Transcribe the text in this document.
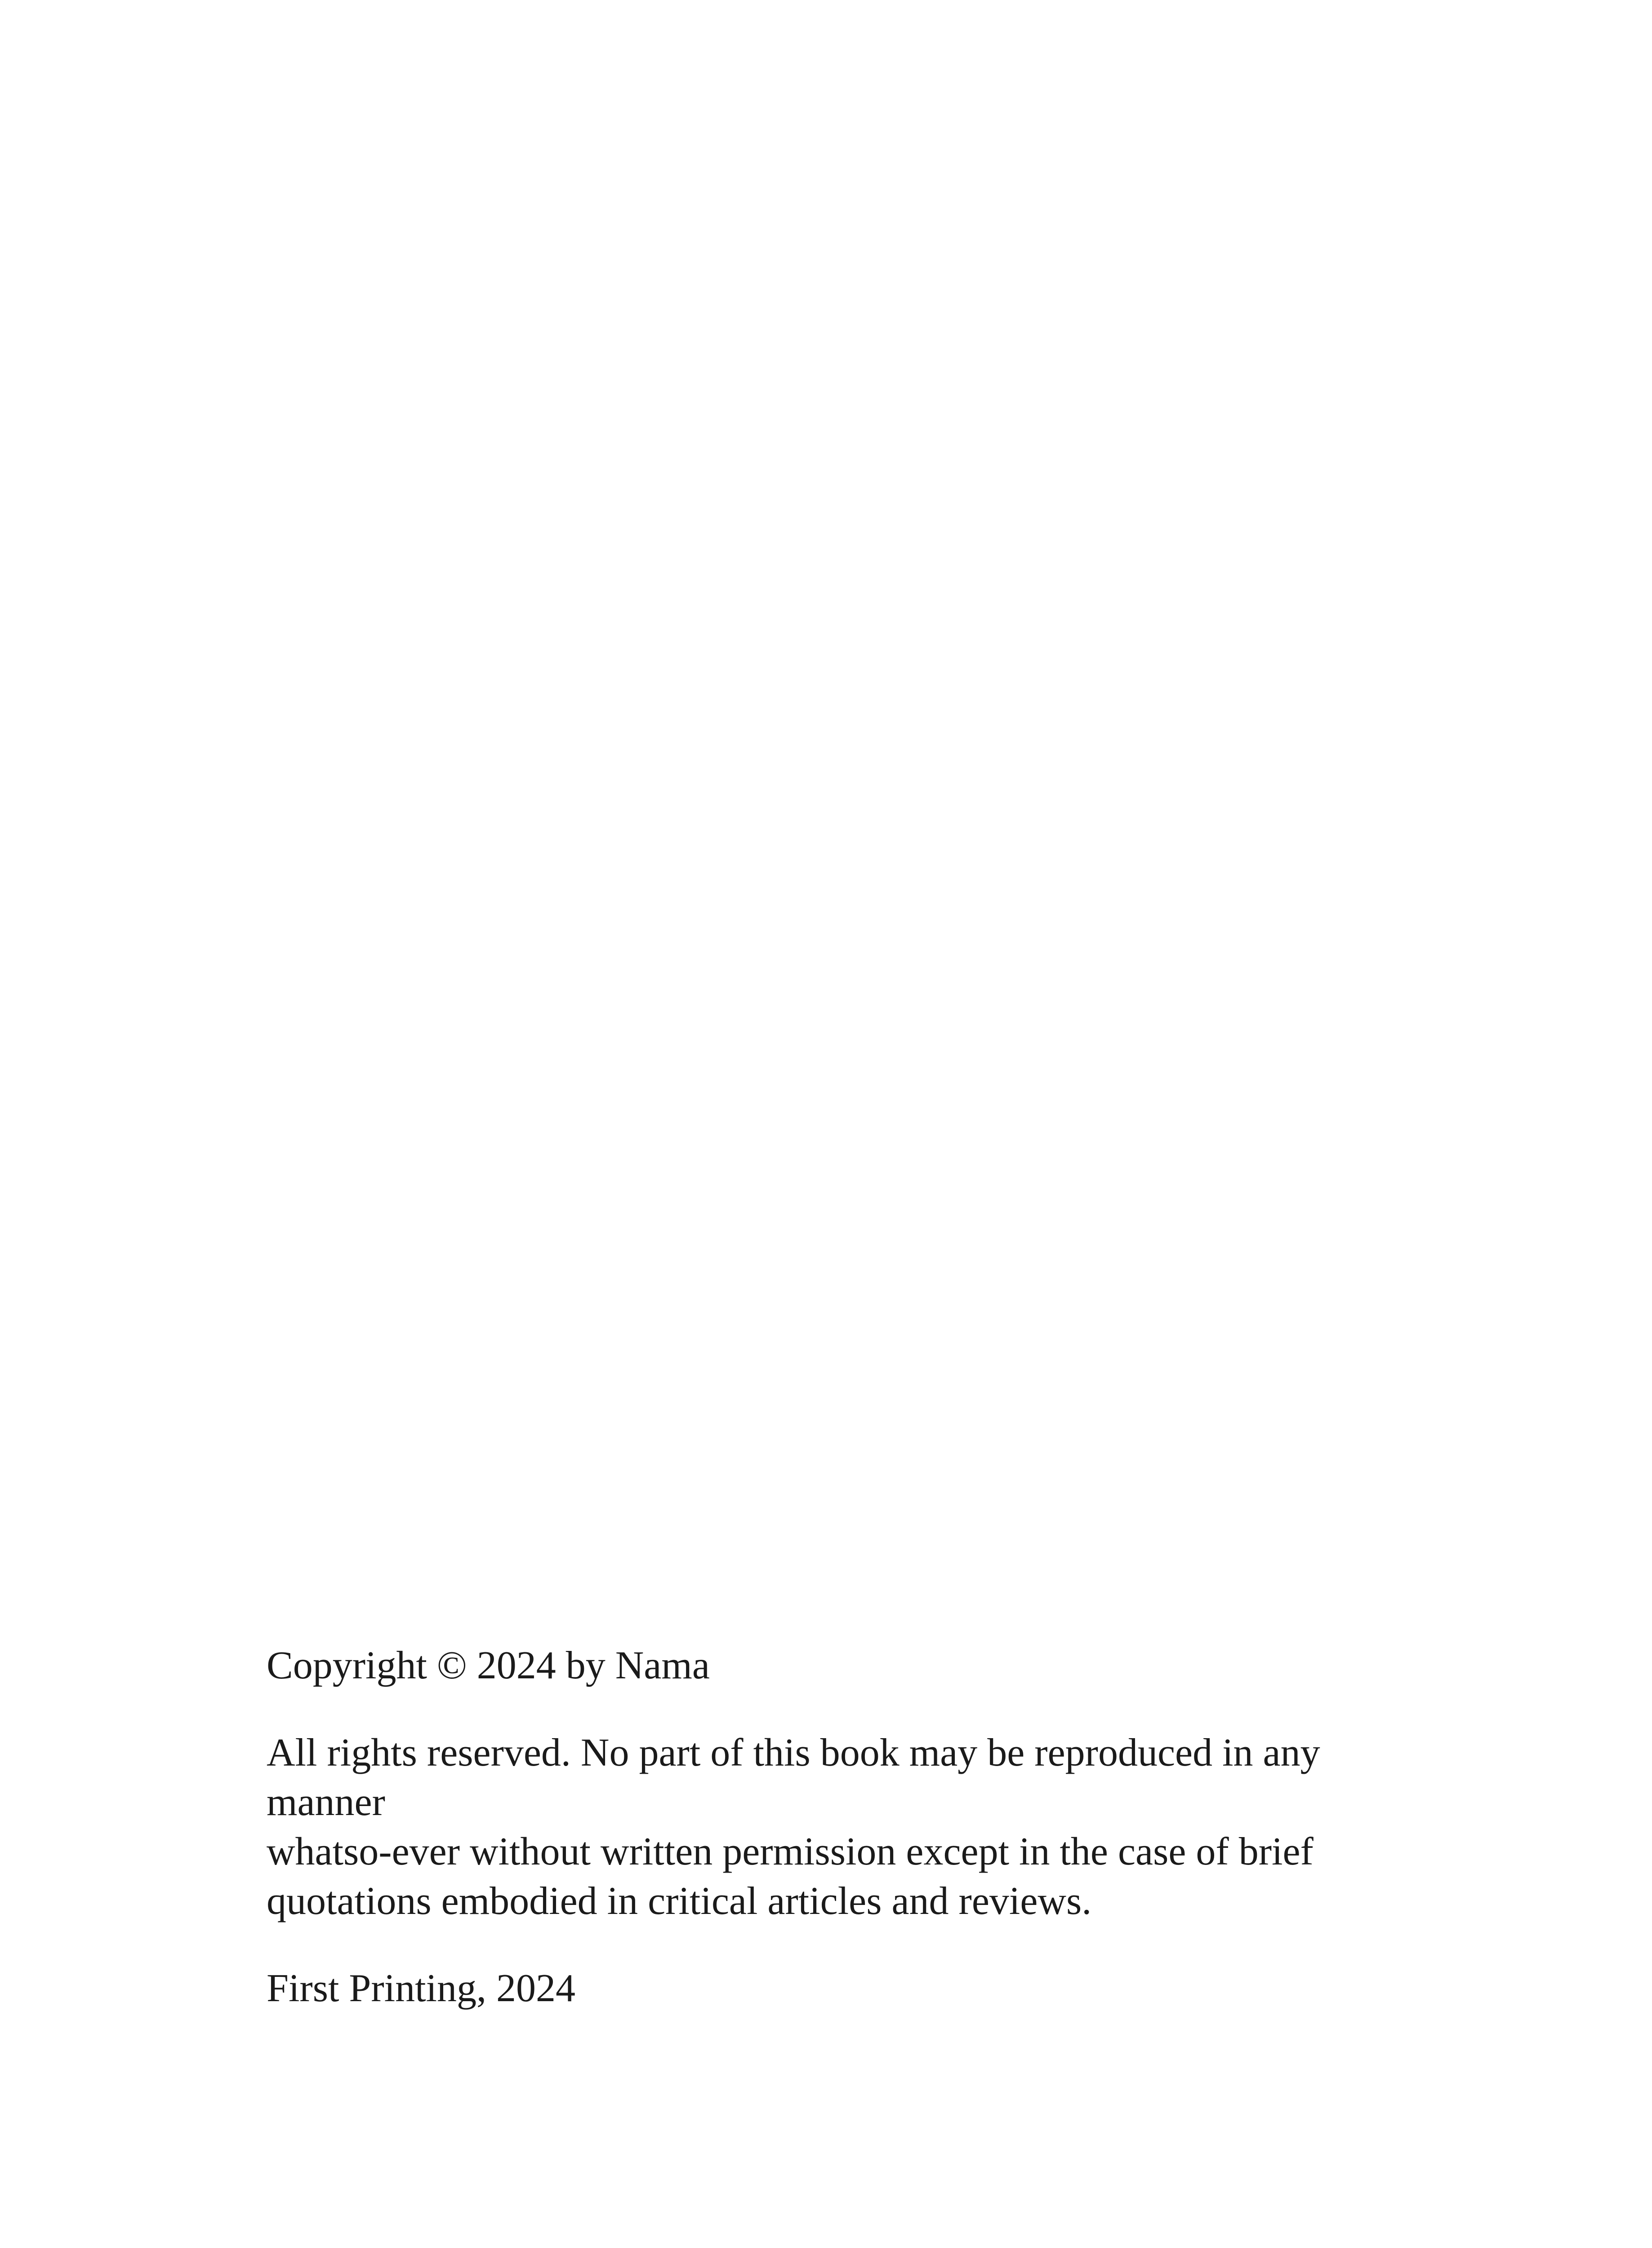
Copyright © 2024 by Nama

All rights reserved. No part of this book may be reproduced in any
manner
whatso-ever without written permission except in the case of brief
quotations embodied in critical articles and reviews.

First Printing, 2024
